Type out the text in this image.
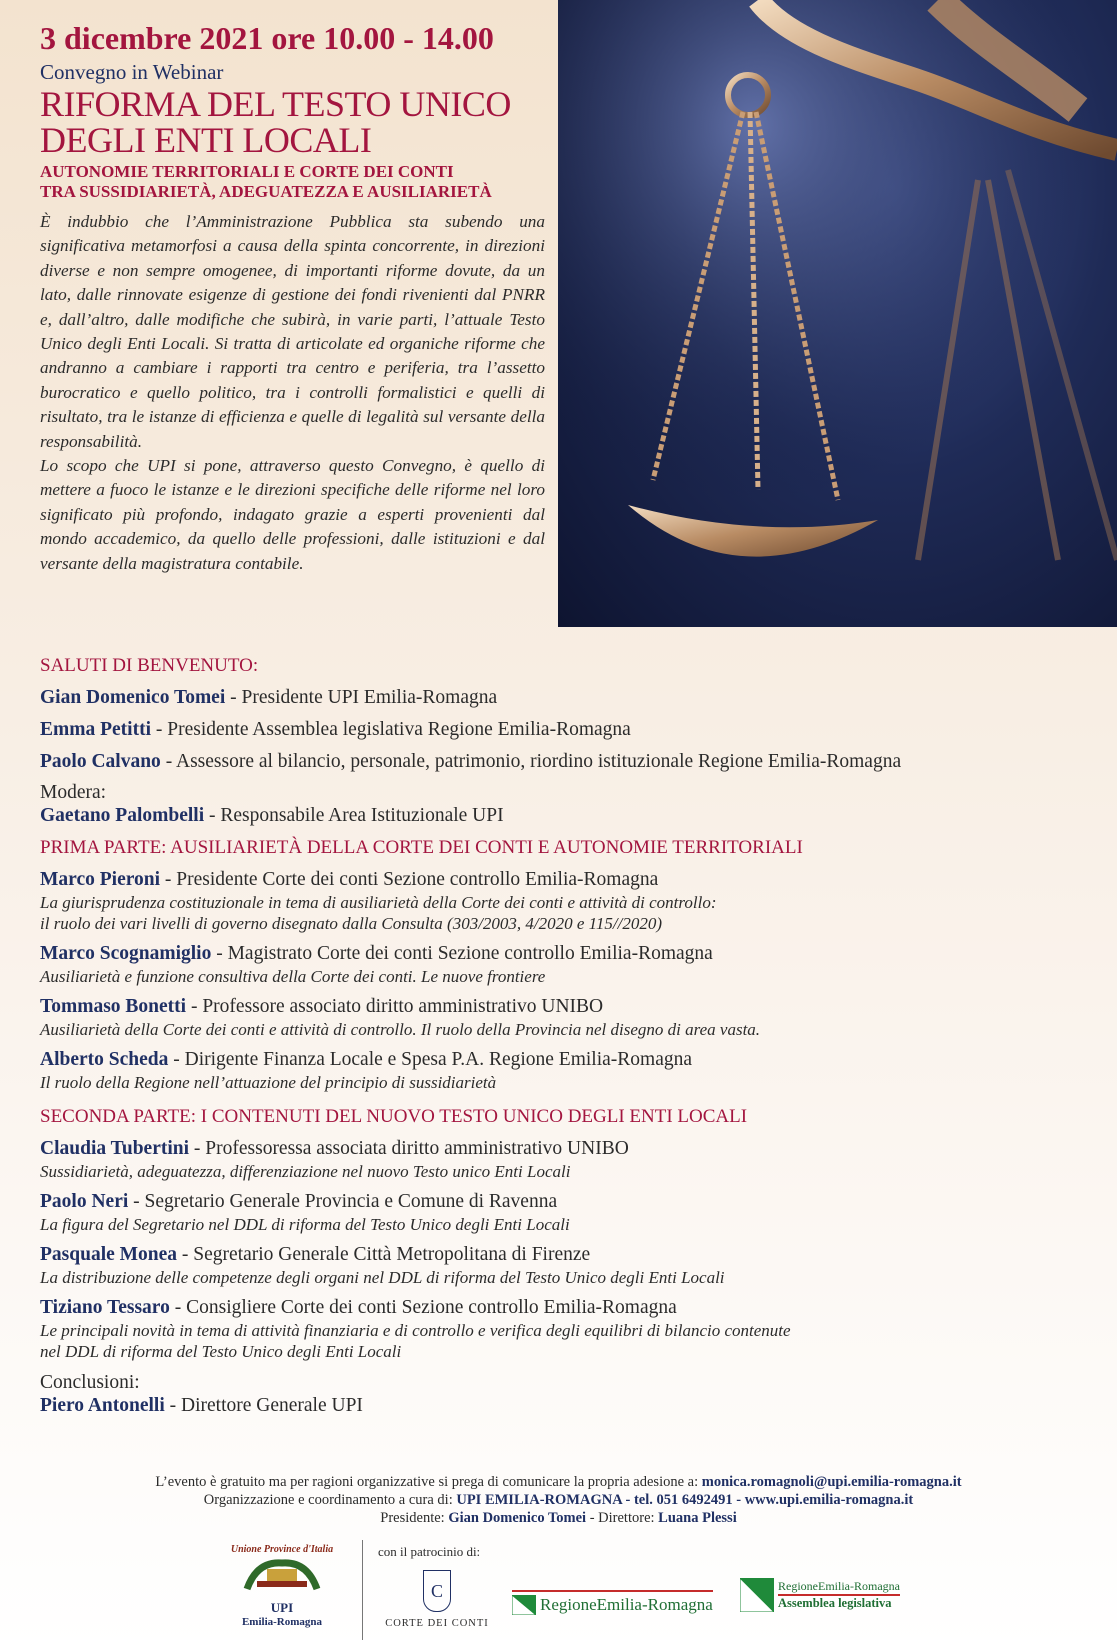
3 dicembre 2021 ore 10.00 - 14.00
Convegno in Webinar
RIFORMA DEL TESTO UNICO
DEGLI ENTI LOCALI
AUTONOMIE TERRITORIALI E CORTE DEI CONTI
TRA SUSSIDIARIETÀ, ADEGUATEZZA E AUSILIARIETÀ

È indubbio che l’Amministrazione Pubblica sta subendo una significativa metamorfosi a causa della spinta concorrente, in direzioni diverse e non sempre omogenee, di importanti riforme dovute, da un lato, dalle rinnovate esigenze di gestione dei fondi rivenienti dal PNRR e, dall’altro, dalle modifiche che subirà, in varie parti, l’attuale Testo Unico degli Enti Locali. Si tratta di articolate ed organiche riforme che andranno a cambiare i rapporti tra centro e periferia, tra l’assetto burocratico e quello politico, tra i controlli formalistici e quelli di risultato, tra le istanze di efficienza e quelle di legalità sul versante della responsabilità.

Lo scopo che UPI si pone, attraverso questo Convegno, è quello di mettere a fuoco le istanze e le direzioni specifiche delle riforme nel loro significato più profondo, indagato grazie a esperti provenienti dal mondo accademico, da quello delle professioni, dalle istituzioni e dal versante della magistratura contabile.

SALUTI DI BENVENUTO:
Gian Domenico Tomei - Presidente UPI Emilia-Romagna
Emma Petitti - Presidente Assemblea legislativa Regione Emilia-Romagna
Paolo Calvano - Assessore al bilancio, personale, patrimonio, riordino istituzionale Regione Emilia-Romagna
Modera:
Gaetano Palombelli - Responsabile Area Istituzionale UPI
PRIMA PARTE: AUSILIARIETÀ DELLA CORTE DEI CONTI E AUTONOMIE TERRITORIALI
Marco Pieroni - Presidente Corte dei conti Sezione controllo Emilia-Romagna
La giurisprudenza costituzionale in tema di ausiliarietà della Corte dei conti e attività di controllo:
il ruolo dei vari livelli di governo disegnato dalla Consulta (303/2003, 4/2020 e 115//2020)
Marco Scognamiglio - Magistrato Corte dei conti Sezione controllo Emilia-Romagna
Ausiliarietà e funzione consultiva della Corte dei conti. Le nuove frontiere
Tommaso Bonetti - Professore associato diritto amministrativo UNIBO
Ausiliarietà della Corte dei conti e attività di controllo. Il ruolo della Provincia nel disegno di area vasta.
Alberto Scheda - Dirigente Finanza Locale e Spesa P.A. Regione Emilia-Romagna
Il ruolo della Regione nell’attuazione del principio di sussidiarietà
SECONDA PARTE: I CONTENUTI DEL NUOVO TESTO UNICO DEGLI ENTI LOCALI
Claudia Tubertini - Professoressa associata diritto amministrativo UNIBO
Sussidiarietà, adeguatezza, differenziazione nel nuovo Testo unico Enti Locali
Paolo Neri - Segretario Generale Provincia e Comune di Ravenna
La figura del Segretario nel DDL di riforma del Testo Unico degli Enti Locali
Pasquale Monea - Segretario Generale Città Metropolitana di Firenze
La distribuzione delle competenze degli organi nel DDL di riforma del Testo Unico degli Enti Locali
Tiziano Tessaro - Consigliere Corte dei conti Sezione controllo Emilia-Romagna
Le principali novità in tema di attività finanziaria e di controllo e verifica degli equilibri di bilancio contenute
nel DDL di riforma del Testo Unico degli Enti Locali
Conclusioni:
Piero Antonelli - Direttore Generale UPI
L’evento è gratuito ma per ragioni organizzative si prega di comunicare la propria adesione a: monica.romagnoli@upi.emilia-romagna.it
Organizzazione e coordinamento a cura di: UPI EMILIA-ROMAGNA - tel. 051 6492491 - www.upi.emilia-romagna.it
Presidente: Gian Domenico Tomei - Direttore: Luana Plessi
Unione Province d'Italia
UPI
Emilia-Romagna
con il patrocinio di:
C
CORTE DEI CONTI
RegioneEmilia-Romagna
RegioneEmilia-Romagna
Assemblea legislativa
